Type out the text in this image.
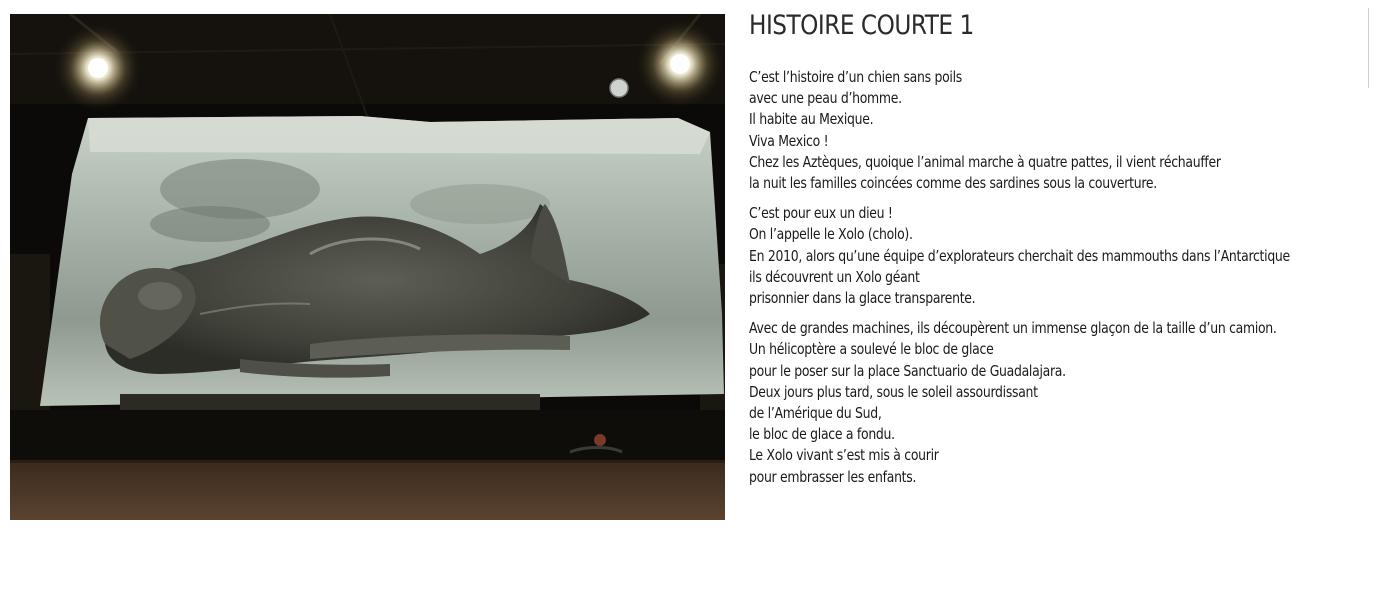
HISTOIRE COURTE 1
C’est l’histoire d’un chien sans poils
avec une peau d’homme.
Il habite au Mexique.
Viva Mexico !
Chez les Aztèques, quoique l’animal marche à quatre pattes, il vient réchauffer
la nuit les familles coincées comme des sardines sous la couverture.
C’est pour eux un dieu !
On l’appelle le Xolo (cholo).
En 2010, alors qu’une équipe d’explorateurs cherchait des mammouths dans l’Antarctique
ils découvrent un Xolo géant
prisonnier dans la glace transparente.
Avec de grandes machines, ils découpèrent un immense glaçon de la taille d’un camion.
Un hélicoptère a soulevé le bloc de glace
pour le poser sur la place Sanctuario de Guadalajara.
Deux jours plus tard, sous le soleil assourdissant
de l’Amérique du Sud,
le bloc de glace a fondu.
Le Xolo vivant s’est mis à courir
pour embrasser les enfants.
